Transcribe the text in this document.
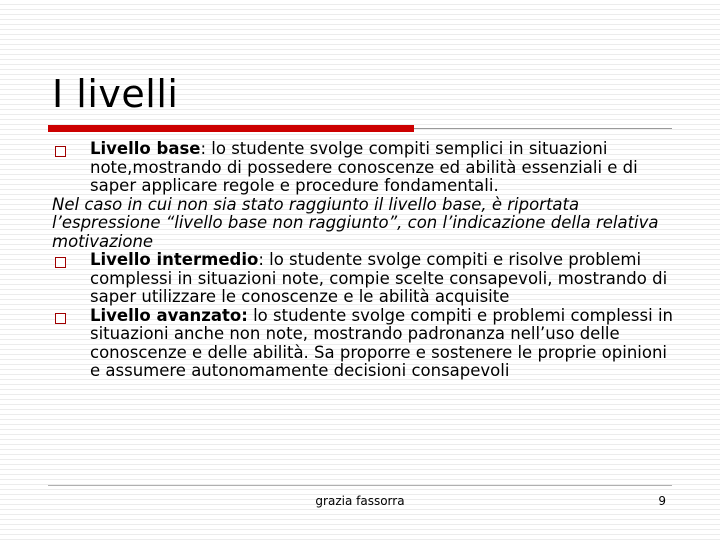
I livelli
Livello base: lo studente svolge compiti semplici in situazioni note,mostrando di possedere conoscenze ed abilità essenziali e di saper applicare regole e procedure fondamentali.
Nel caso in cui non sia stato raggiunto il livello base, è riportata l’espressione “livello base non raggiunto”, con l’indicazione della relativa motivazione
Livello intermedio: lo studente svolge compiti e risolve problemi complessi in situazioni note, compie scelte consapevoli, mostrando di saper utilizzare le conoscenze e le abilità acquisite
Livello avanzato: lo studente svolge compiti e problemi complessi in situazioni anche non note, mostrando padronanza nell’uso delle conoscenze e delle abilità. Sa proporre e sostenere le proprie opinioni e assumere autonomamente decisioni consapevoli
grazia fassorra	9
